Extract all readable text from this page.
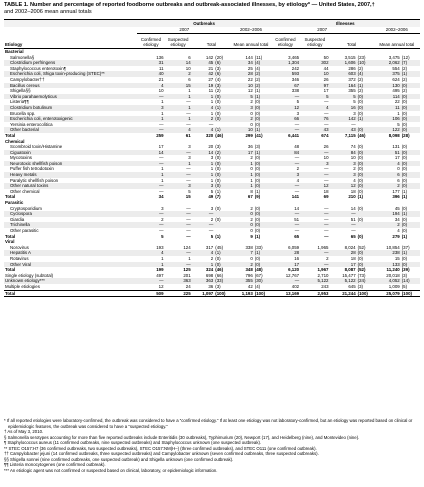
TABLE 1. Number and percentage of reported foodborne outbreaks and outbreak-associated illnesses, by etiology* — United States, 2007,†
and 2002–2006 mean annual totals
	Outbreaks						Illnesses					
	2007				2002–2006		2007				2002–2006	
Etiology	Confirmed etiology	Suspected etiology	Total		Mean annual total		Confirmed etiology	Suspected etiology	Total		Mean annual total	
Bacterial												
Salmonella§	136	6	142	(20)	144	(11)	3,465	50	3,515	(23)	3,475	(12)
Clostridium perfringens	31	14	45	(6)	34	(4)	1,304	302	1,606	(10)	2,062	(7)
Staphylococcus enterotoxin¶	11	10	21	(3)	25	(4)	242	44	286	(2)	554	(2)
Escherichia coli, Shiga toxin-producing (STEC)**	40	2	42	(6)	28	(2)	593	10	603	(4)	375	(1)
Campylobacter††	21	6	27	(4)	22	(2)	346	26	372	(2)	624	(2)
Bacillus cereus	4	15	19	(3)	10	(2)	67	97	164	(1)	130	(0)
Shigella§§	10	1	11	(2)	12	(1)	338	17	355	(2)	495	(2)
Vibrio parahaemolyticus	—	1	1	(0)	5	(1)	—	5	5	(0)	114	(0)
Listeria¶¶	1	—	1	(0)	2	(0)	5	—	5	(0)	22	(0)
Clostridium botulinum	3	1	4	(1)	3	(0)	12	4	16	(0)	11	(0)
Brucella spp.	1	—	1	(0)	0	(0)	3	—	3	(0)	1	(0)
Escherichia coli, enterotoxigenic	1	1	2	(0)	2	(0)	66	76	142	(1)	106	(0)
Yersinia enterocolitica	—	—	—		0	(0)	—	—	—		5	(0)
Other bacterial	—	4	4	(1)	10	(1)	—	43	43	(0)	122	(0)
Total	259	61	320	(46)	299	(41)	6,441	674	7,115	(46)	8,098	(28)
Chemical												
Scombroid toxin/Histamine	17	3	20	(3)	36	(3)	48	26	74	(0)	131	(0)
Ciguatoxin	14	—	14	(2)	17	(1)	84	—	84	(0)	51	(0)
Mycotoxins	—	3	3	(0)	2	(0)	—	10	10	(0)	17	(0)
Neurotoxic shellfish poison	—	1	1	(0)	1	(0)	—	3	3	(0)	4	(0)
Puffer fish tetrodotoxin	1	—	1	(0)	0	(0)	2	—	2	(0)	0	(0)
Heavy metals	1	—	1	(0)	1	(0)	3	—	3	(0)	6	(0)
Paralytic shellfish poison	1	—	1	(0)	1	(0)	4	—	4	(0)	6	(0)
Other natural toxins	—	3	3	(0)	1	(0)	—	12	12	(0)	2	(0)
Other chemical	—	5	5	(1)	8	(1)	—	18	18	(0)	177	(1)
Total	34	15	49	(7)	67	(9)	141	69	210	(1)	396	(1)
Parasitic												
Cryptosporidium	3	—	3	(0)	2	(0)	14	—	14	(0)	45	(0)
Cyclospora	—	—	—		0	(0)	—	—	—		194	(1)
Giardia	2	—	2	(0)	2	(0)	51	—	51	(0)	34	(0)
Trichinella	—	—	—		0	(0)	—	—	—		2	(0)
Other parasitic	—	—	—		0	(0)	—	—	—		4	(0)
Total	5	—	5	(1)	9	(1)	65	—	65	(0)	279	(1)
Viral												
Norovirus	193	124	317	(45)	338	(33)	6,059	1,965	8,024	(52)	10,854	(37)
Hepatitis A	4	—	4	(1)	7	(1)	28	—	28	(0)	238	(1)
Rotavirus	1	1	2	(0)	0	(0)	16	2	18	(0)	15	(0)
Other Viral	1	—	1	(0)	2	(0)	17	—	17	(0)	133	(0)
Total	199	125	324	(46)	348	(48)	6,120	1,967	8,087	(52)	11,240	(39)
Single etiology (subtotal)	497	201	698	(66)	796	(67)	12,767	2,710	15,477	(73)	20,018	(3)
Unknown etiology***	—	363	363	(33)	355	(30)	—	5,122	5,122	(24)	4,052	(14)
Multiple etiologies	12	24	36	(3)	42	(4)	402	243	645	(3)	1,009	(5)
Total	509	225	1,097	(100)	1,193	(100)	13,169	2,953	21,244	(100)	25,079	(100)
* If all reported etiologies were laboratory-confirmed, the outbreak was considered to have a “confirmed etiology.” If at least one etiology was not laboratory-confirmed, but an etiology was reported based on clinical or epidemiologic features, the outbreak was considered to have a “suspected etiology.”
† As of May 3, 2010.
§ Salmonella serotypes accounting for more than five reported outbreaks include Enteritidis (30 outbreaks), Typhimurium (20), Newport (17), and Heidelberg (nine), and Montevideo (nine).
¶ Staphylococcus aureus (11 confirmed outbreaks, nine suspected outbreaks) and Staphylococcus unknown (one suspected outbreak).
** STEC O157:H7 (36 confirmed outbreaks, two suspected outbreaks), STEC O157:NM(H–) (three confirmed outbreaks), and STEC O111 (one confirmed outbreak).
†† Campylobacter jejuni (14 confirmed outbreaks, three suspected outbreaks) and Campylobacter unknown (seven confirmed outbreaks, three suspected outbreaks).
§§ Shigella sonnei (nine confirmed outbreaks, one suspected outbreak) and Shigella unknown (one confirmed outbreak).
¶¶ Listeria monocytogenes (one confirmed outbreak).
*** An etiologic agent was not confirmed or suspected based on clinical, laboratory, or epidemiologic information.
